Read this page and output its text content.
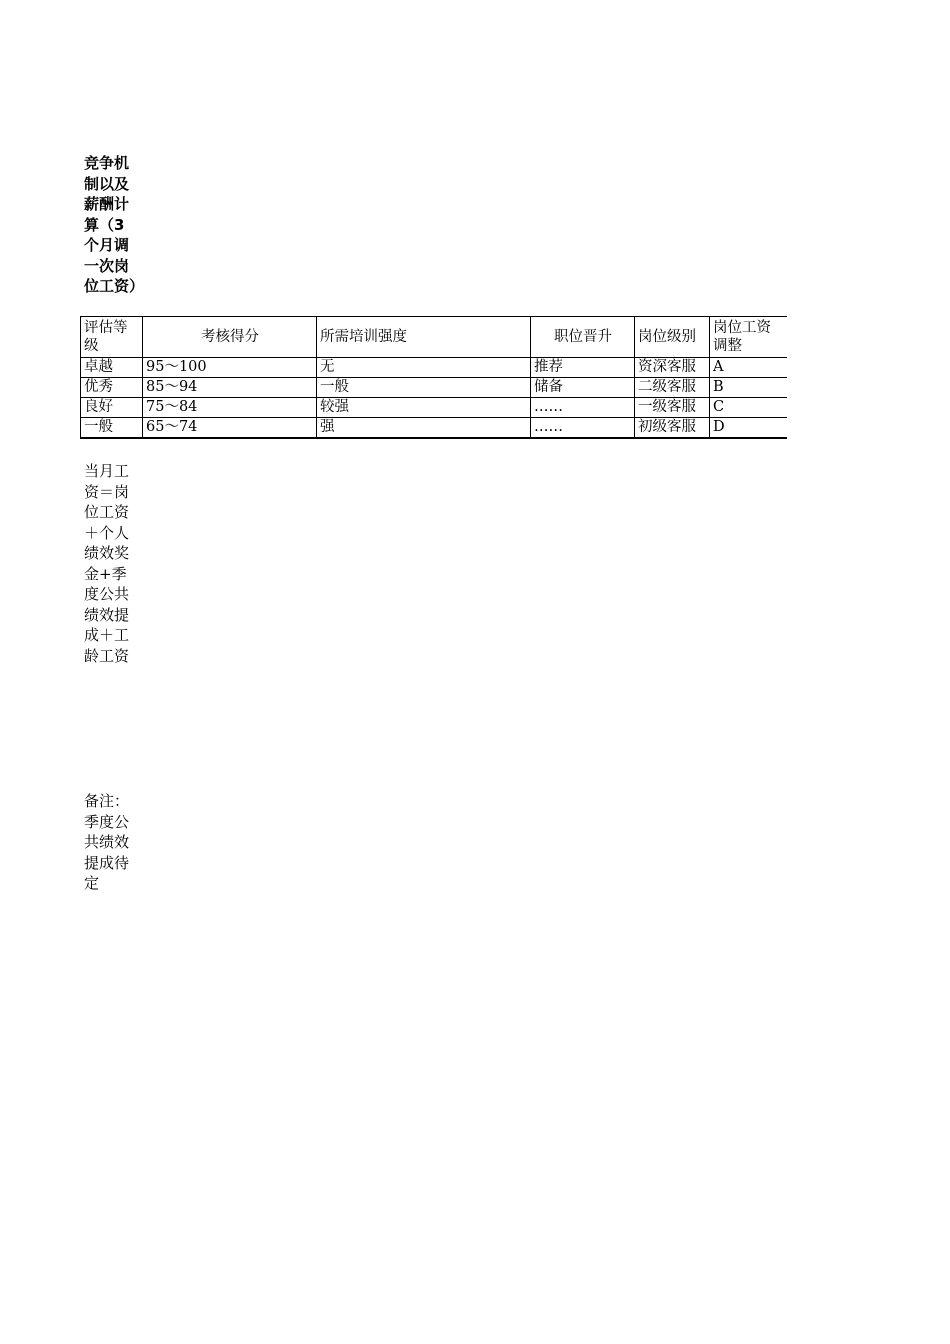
竞争机制以及薪酬计算（3个月调一次岗位工资）
评估等级	考核得分	所需培训强度	职位晋升	岗位级别	岗位工资调整
卓越	95～100	无	推荐	资深客服	A
优秀	85～94	一般	储备	二级客服	B
良好	75～84	较强	……	一级客服	C
一般	65～74	强	……	初级客服	D
当月工资＝岗位工资＋个人绩效奖金+季度公共绩效提成＋工龄工资
备注：季度公共绩效提成待定
